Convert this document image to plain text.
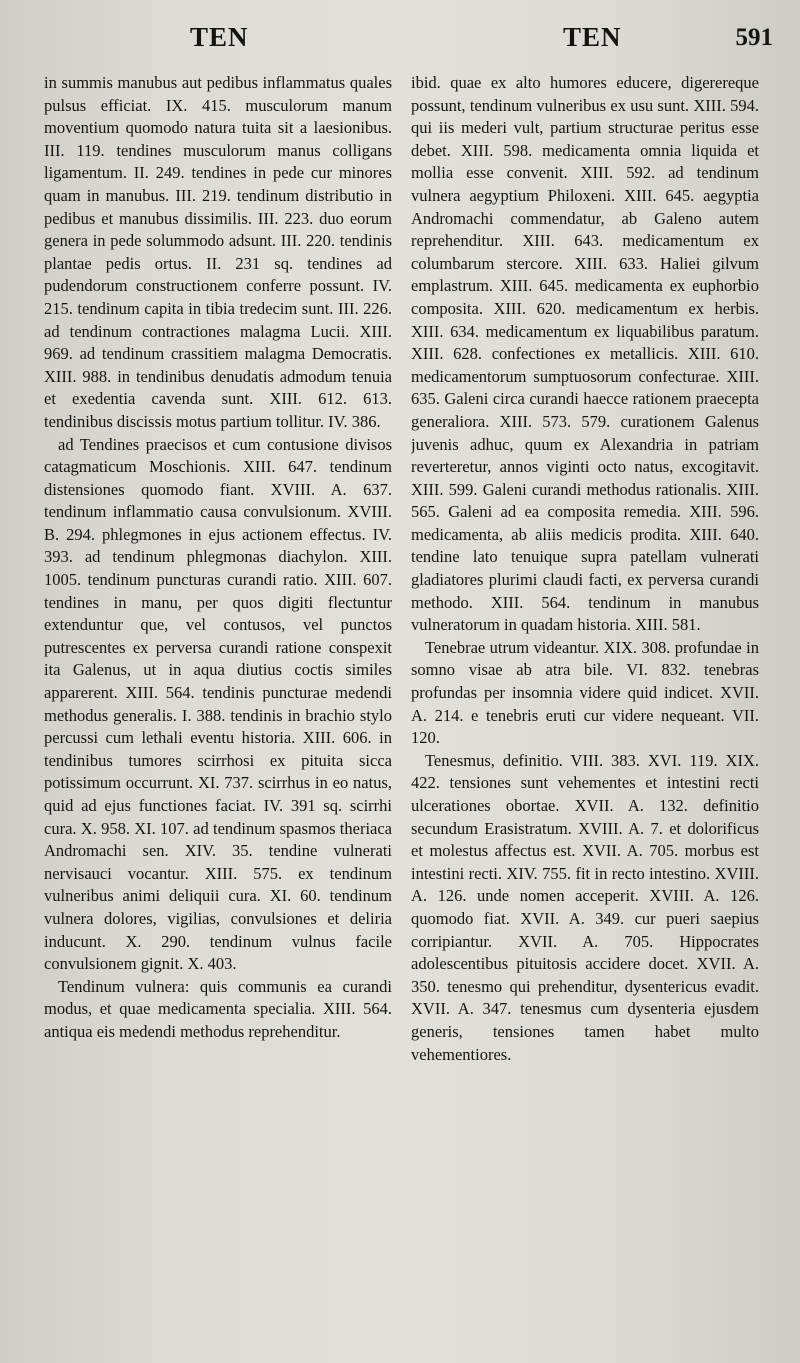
TEN	TEN	591

in summis manubus aut pedibus inflammatus quales pulsus efficiat. IX. 415. musculorum manum moventium quomodo natura tuita sit a laesionibus. III. 119. tendines musculorum manus colligans ligamentum. II. 249. tendines in pede cur minores quam in manubus. III. 219. tendinum distributio in pedibus et manubus dissimilis. III. 223. duo eorum genera in pede solummodo adsunt. III. 220. tendinis plantae pedis ortus. II. 231 sq. tendines ad pudendorum constructionem conferre possunt. IV. 215. tendinum capita in tibia tredecim sunt. III. 226. ad tendinum contractiones malagma Lucii. XIII. 969. ad tendinum crassitiem malagma Democratis. XIII. 988. in tendinibus denudatis admodum tenuia et exedentia cavenda sunt. XIII. 612. 613. tendinibus discissis motus partium tollitur. IV. 386.

ad Tendines praecisos et cum contusione divisos catagmaticum Moschionis. XIII. 647. tendinum distensiones quomodo fiant. XVIII. A. 637. tendinum inflammatio causa convulsionum. XVIII. B. 294. phlegmones in ejus actionem effectus. IV. 393. ad tendinum phlegmonas diachylon. XIII. 1005. tendinum puncturas curandi ratio. XIII. 607. tendines in manu, per quos digiti flectuntur extenduntur que, vel contusos, vel punctos putrescentes ex perversa curandi ratione conspexit ita Galenus, ut in aqua diutius coctis similes apparerent. XIII. 564. tendinis puncturae medendi methodus generalis. I. 388. tendinis in brachio stylo percussi cum lethali eventu historia. XIII. 606. in tendinibus tumores scirrhosi ex pituita sicca potissimum occurrunt. XI. 737. scirrhus in eo natus, quid ad ejus functiones faciat. IV. 391 sq. scirrhi cura. X. 958. XI. 107. ad tendinum spasmos theriaca Andromachi sen. XIV. 35. tendine vulnerati nervisauci vocantur. XIII. 575. ex tendinum vulneribus animi deliquii cura. XI. 60. tendinum vulnera dolores, vigilias, convulsiones et deliria inducunt. X. 290. tendinum vulnus facile convulsionem gignit. X. 403.

Tendinum vulnera: quis communis ea curandi modus, et quae medicamenta specialia. XIII. 564. antiqua eis medendi methodus reprehenditur.

ibid. quae ex alto humores educere, digerereque possunt, tendinum vulneribus ex usu sunt. XIII. 594. qui iis mederi vult, partium structurae peritus esse debet. XIII. 598. medicamenta omnia liquida et mollia esse convenit. XIII. 592. ad tendinum vulnera aegyptium Philoxeni. XIII. 645. aegyptia Andromachi commendatur, ab Galeno autem reprehenditur. XIII. 643. medicamentum ex columbarum stercore. XIII. 633. Haliei gilvum emplastrum. XIII. 645. medicamenta ex euphorbio composita. XIII. 620. medicamentum ex herbis. XIII. 634. medicamentum ex liquabilibus paratum. XIII. 628. confectiones ex metallicis. XIII. 610. medicamentorum sumptuosorum confecturae. XIII. 635. Galeni circa curandi haecce rationem praecepta generaliora. XIII. 573. 579. curationem Galenus juvenis adhuc, quum ex Alexandria in patriam reverteretur, annos viginti octo natus, excogitavit. XIII. 599. Galeni curandi methodus rationalis. XIII. 565. Galeni ad ea composita remedia. XIII. 596. medicamenta, ab aliis medicis prodita. XIII. 640. tendine lato tenuique supra patellam vulnerati gladiatores plurimi claudi facti, ex perversa curandi methodo. XIII. 564. tendinum in manubus vulneratorum in quadam historia. XIII. 581.

Tenebrae utrum videantur. XIX. 308. profundae in somno visae ab atra bile. VI. 832. tenebras profundas per insomnia videre quid indicet. XVII. A. 214. e tenebris eruti cur videre nequeant. VII. 120.

Tenesmus, definitio. VIII. 383. XVI. 119. XIX. 422. tensiones sunt vehementes et intestini recti ulcerationes obortae. XVII. A. 132. definitio secundum Erasistratum. XVIII. A. 7. et dolorificus et molestus affectus est. XVII. A. 705. morbus est intestini recti. XIV. 755. fit in recto intestino. XVIII. A. 126. unde nomen acceperit. XVIII. A. 126. quomodo fiat. XVII. A. 349. cur pueri saepius corripiantur. XVII. A. 705. Hippocrates adolescentibus pituitosis accidere docet. XVII. A. 350. tenesmo qui prehenditur, dysentericus evadit. XVII. A. 347. tenesmus cum dysenteria ejusdem generis, tensiones tamen habet multo vehementiores.
